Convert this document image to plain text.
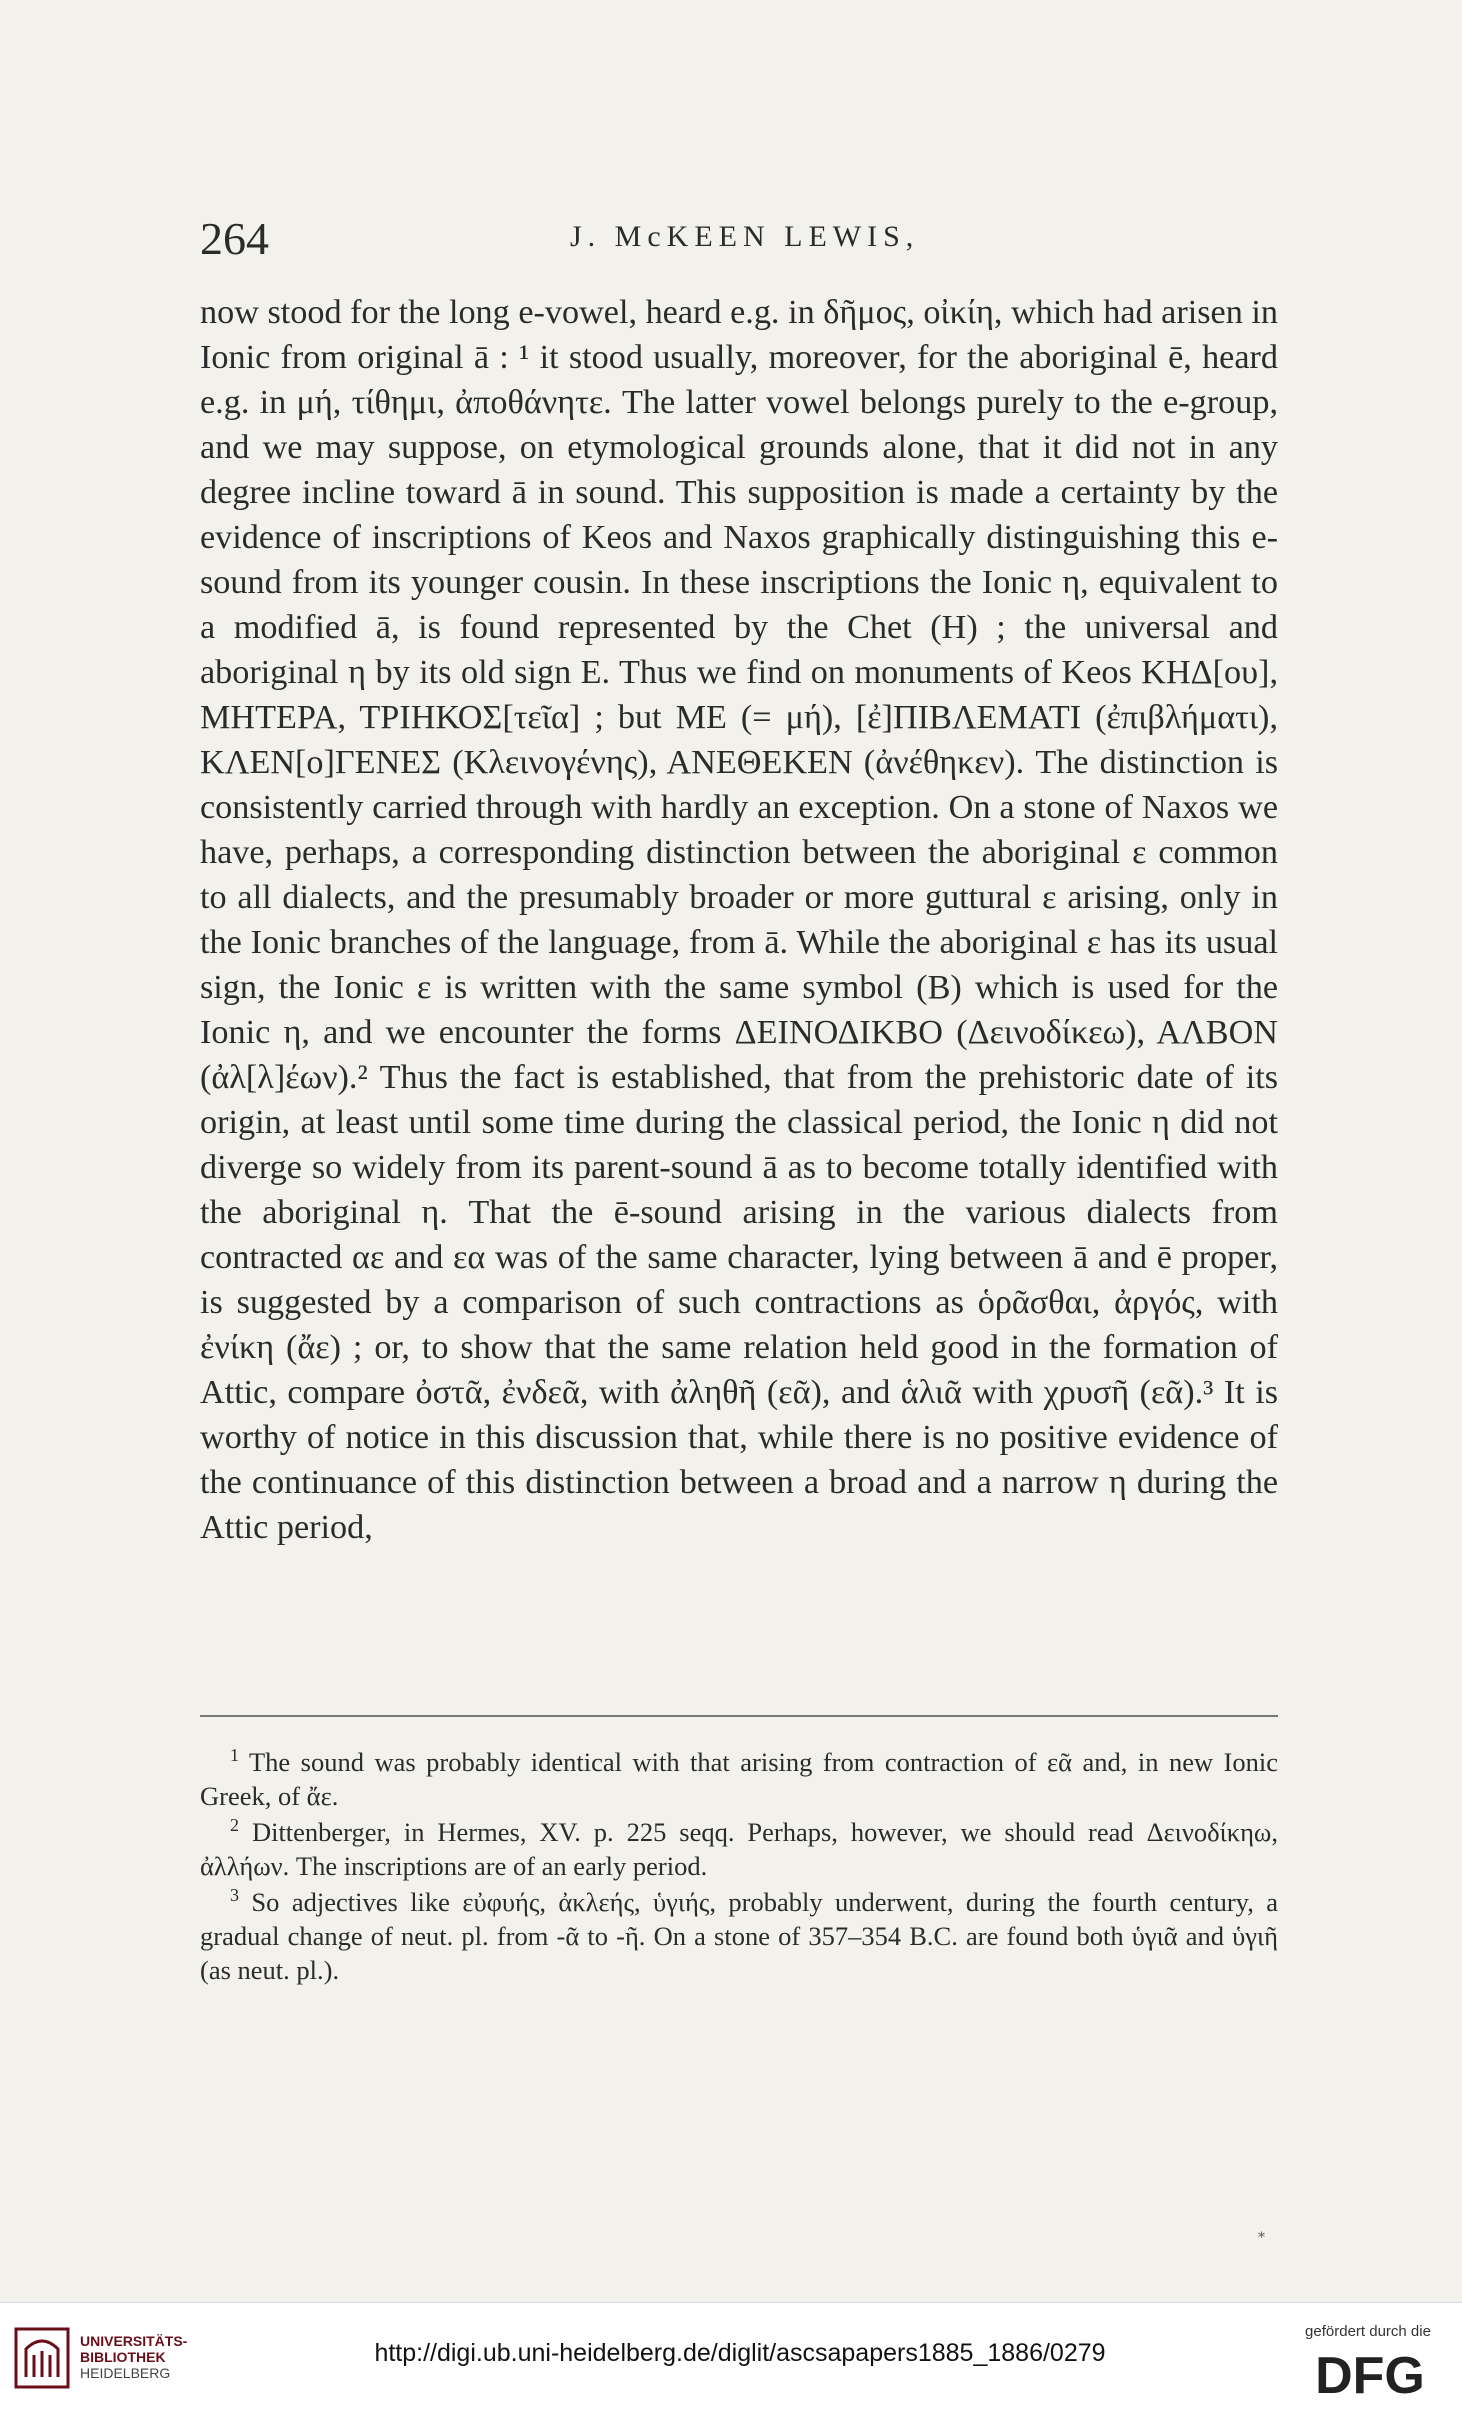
264	J. McKEEN LEWIS,

now stood for the long e-vowel, heard e.g. in δῆμος, οἰκίη, which had arisen in Ionic from original ā : ¹ it stood usually, moreover, for the aboriginal ē, heard e.g. in μή, τίθημι, ἀποθάνητε. The latter vowel belongs purely to the e-group, and we may suppose, on etymological grounds alone, that it did not in any degree incline toward ā in sound. This supposition is made a certainty by the evidence of inscriptions of Keos and Naxos graphically distinguishing this e-sound from its younger cousin. In these inscriptions the Ionic η, equivalent to a modified ā, is found represented by the Chet (H) ; the universal and aboriginal η by its old sign E. Thus we find on monuments of Keos ΚΗΔ[ου], ΜΗΤΕΡΑ, ΤΡΙΗΚΟΣ[τεῖα] ; but ΜΕ (= μή), [ἐ]ΠΙΒΛΕΜΑΤΙ (ἐπιβλήματι), ΚΛΕΝ[ο]ΓΕΝΕΣ (Κλεινογένης), ΑΝΕΘΕΚΕΝ (ἀνέθηκεν). The distinction is consistently carried through with hardly an exception. On a stone of Naxos we have, perhaps, a corresponding distinction between the aboriginal ε common to all dialects, and the presumably broader or more guttural ε arising, only in the Ionic branches of the language, from ā. While the aboriginal ε has its usual sign, the Ionic ε is written with the same symbol (Β) which is used for the Ionic η, and we encounter the forms ΔΕΙΝΟΔΙΚΒΟ (Δεινοδίκεω), ΑΛΒΟΝ (ἀλ[λ]έων).² Thus the fact is established, that from the prehistoric date of its origin, at least until some time during the classical period, the Ionic η did not diverge so widely from its parent-sound ā as to become totally identified with the aboriginal η. That the ē-sound arising in the various dialects from contracted αε and εα was of the same character, lying between ā and ē proper, is suggested by a comparison of such contractions as ὁρᾶσθαι, ἀργός, with ἐνίκη (ἄε) ; or, to show that the same relation held good in the formation of Attic, compare ὀστᾶ, ἐνδεᾶ, with ἀληθῆ (εᾶ), and ἁλιᾶ with χρυσῆ (εᾶ).³ It is worthy of notice in this discussion that, while there is no positive evidence of the continuance of this distinction between a broad and a narrow η during the Attic period,

$^1$ The sound was probably identical with that arising from contraction of εᾶ and, in new Ionic Greek, of ἄε.

$^2$ Dittenberger, in Hermes, XV. p. 225 seqq. Perhaps, however, we should read Δεινοδίκηω, ἀλλήων. The inscriptions are of an early period.

$^3$ So adjectives like εὐφυής, ἀκλεής, ὑγιής, probably underwent, during the fourth century, a gradual change of neut. pl. from -ᾶ to -ῆ. On a stone of 357–354 B.C. are found both ὑγιᾶ and ὑγιῆ (as neut. pl.).

*
UNIVERSITÄTS-
BIBLIOTHEK
HEIDELBERG
http://digi.ub.uni-heidelberg.de/diglit/ascsapapers1885_1886/0279
gefördert durch die
DFG
